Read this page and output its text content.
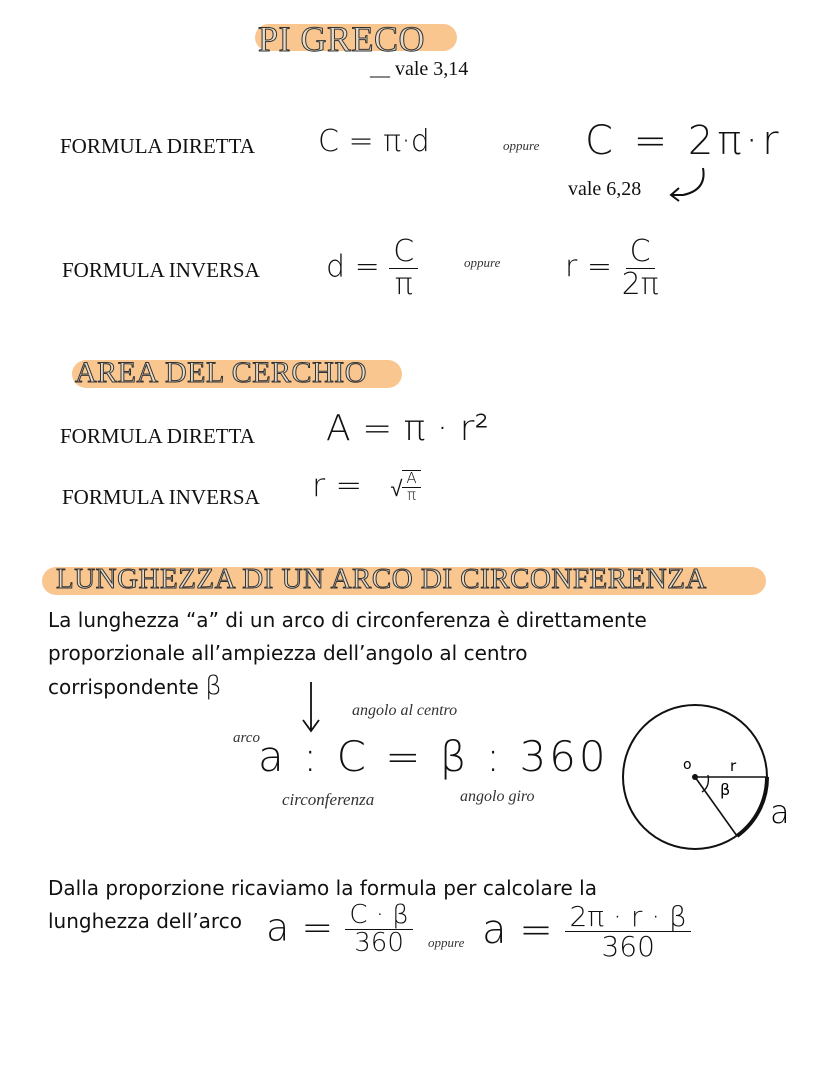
PI GRECO
__ vale 3,14
FORMULA DIRETTA C = π·d	oppure C = 2π·r
vale 6,28
FORMULA INVERSA $d = \frac{C}{\pi}$	oppure $r = \frac{C}{2\pi}$
AREA DEL CERCHIO
FORMULA DIRETTA A = π · r²
FORMULA INVERSA r = √ $\frac{A}{\pi}$
LUNGHEZZA DI UN ARCO DI CIRCONFERENZA
La lunghezza “a” di un arco di circonferenza è direttamente
proporzionale all’ampiezza dell’angolo al centro
corrispondente β
angolo al centro
arco
a : C = β : 360
circonferenza	angolo giro
o	r
β
a
Dalla proporzione ricaviamo la formula per calcolare la
lunghezza dell’arco $a = \frac{C \cdot \beta}{360}$ oppure $a = \frac{2\pi \cdot r \cdot \beta}{360}$
